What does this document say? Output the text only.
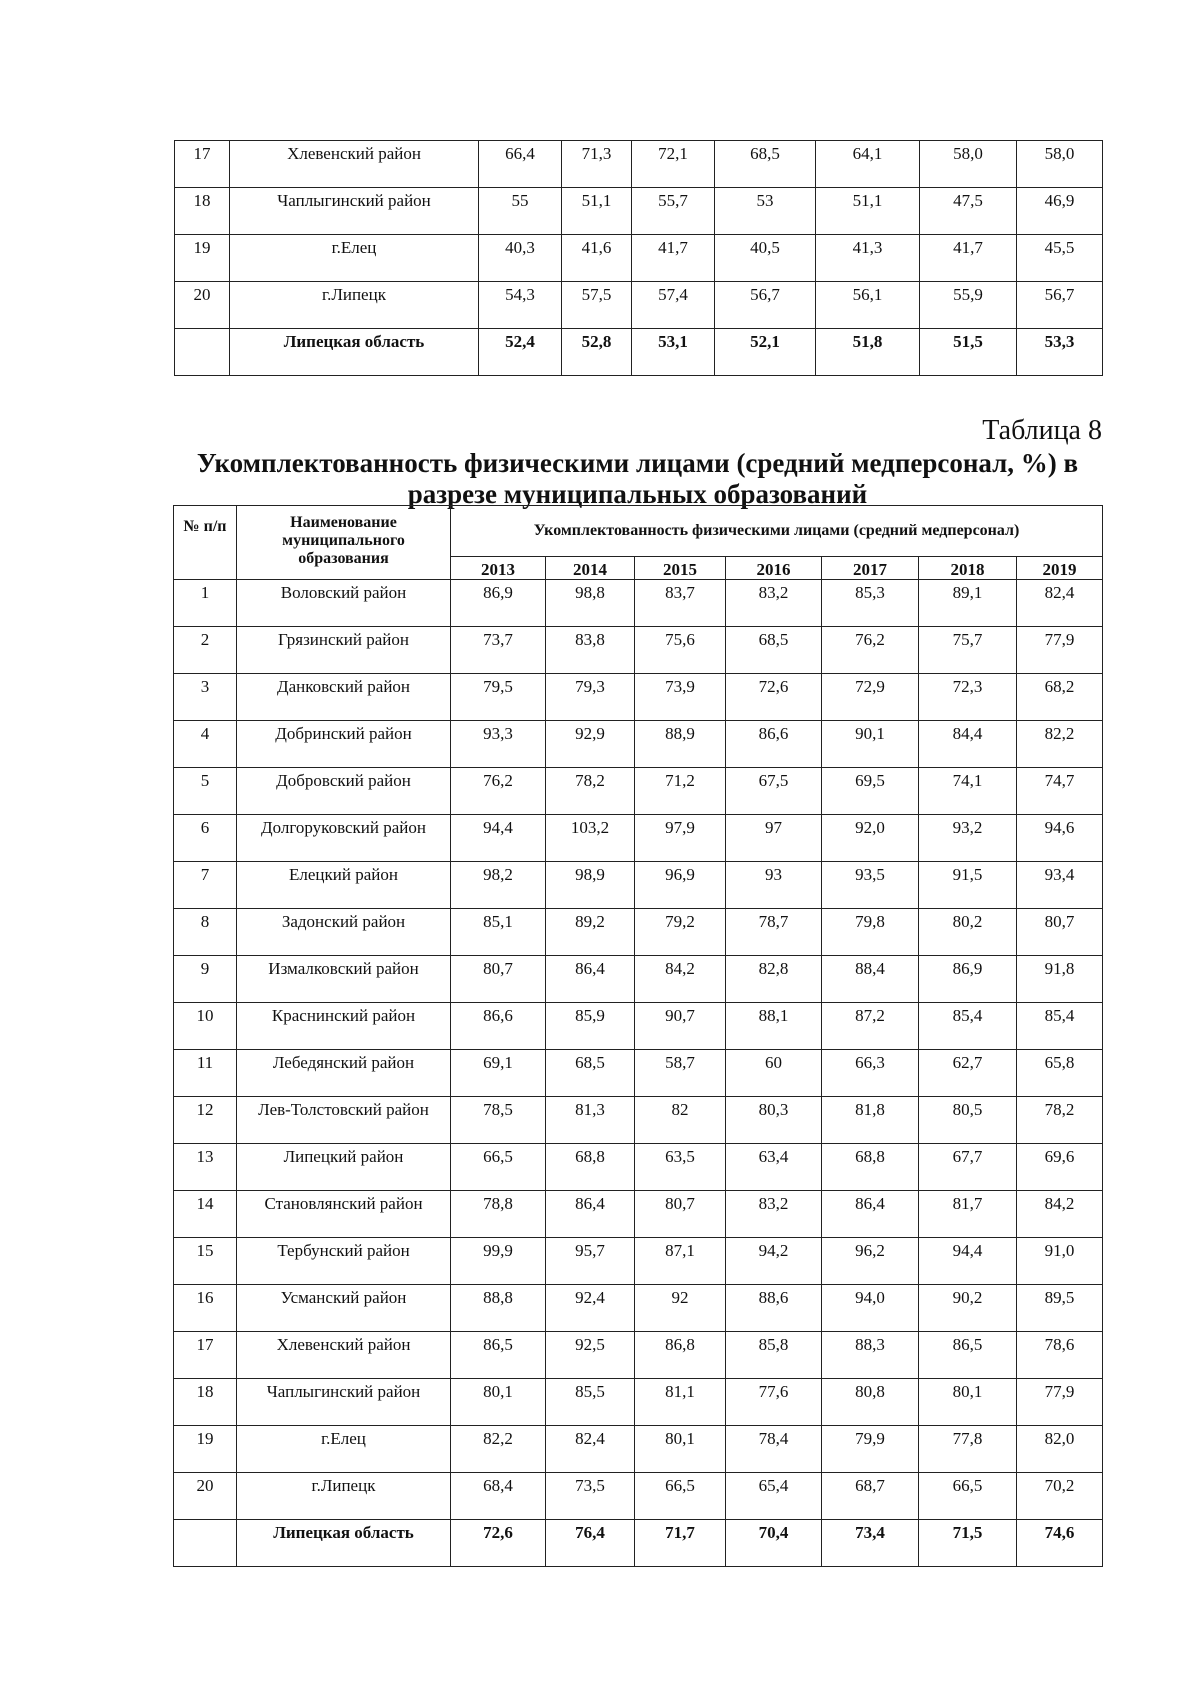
17	Хлевенский район	66,4	71,3	72,1	68,5	64,1	58,0	58,0
18	Чаплыгинский район	55	51,1	55,7	53	51,1	47,5	46,9
19	г.Елец	40,3	41,6	41,7	40,5	41,3	41,7	45,5
20	г.Липецк	54,3	57,5	57,4	56,7	56,1	55,9	56,7
	Липецкая область	52,4	52,8	53,1	52,1	51,8	51,5	53,3
Таблица 8
Укомплектованность физическими лицами (средний медперсонал, %) в разрезе муниципальных образований
№ п/п	Наименование муниципального образования	Укомплектованность физическими лицами (средний медперсонал)						
		2013	2014	2015	2016	2017	2018	2019
1	Воловский район	86,9	98,8	83,7	83,2	85,3	89,1	82,4
2	Грязинский район	73,7	83,8	75,6	68,5	76,2	75,7	77,9
3	Данковский район	79,5	79,3	73,9	72,6	72,9	72,3	68,2
4	Добринский район	93,3	92,9	88,9	86,6	90,1	84,4	82,2
5	Добровский район	76,2	78,2	71,2	67,5	69,5	74,1	74,7
6	Долгоруковский район	94,4	103,2	97,9	97	92,0	93,2	94,6
7	Елецкий район	98,2	98,9	96,9	93	93,5	91,5	93,4
8	Задонский район	85,1	89,2	79,2	78,7	79,8	80,2	80,7
9	Измалковский район	80,7	86,4	84,2	82,8	88,4	86,9	91,8
10	Краснинский район	86,6	85,9	90,7	88,1	87,2	85,4	85,4
11	Лебедянский район	69,1	68,5	58,7	60	66,3	62,7	65,8
12	Лев-Толстовский район	78,5	81,3	82	80,3	81,8	80,5	78,2
13	Липецкий район	66,5	68,8	63,5	63,4	68,8	67,7	69,6
14	Становлянский район	78,8	86,4	80,7	83,2	86,4	81,7	84,2
15	Тербунский район	99,9	95,7	87,1	94,2	96,2	94,4	91,0
16	Усманский район	88,8	92,4	92	88,6	94,0	90,2	89,5
17	Хлевенский район	86,5	92,5	86,8	85,8	88,3	86,5	78,6
18	Чаплыгинский район	80,1	85,5	81,1	77,6	80,8	80,1	77,9
19	г.Елец	82,2	82,4	80,1	78,4	79,9	77,8	82,0
20	г.Липецк	68,4	73,5	66,5	65,4	68,7	66,5	70,2
	Липецкая область	72,6	76,4	71,7	70,4	73,4	71,5	74,6
